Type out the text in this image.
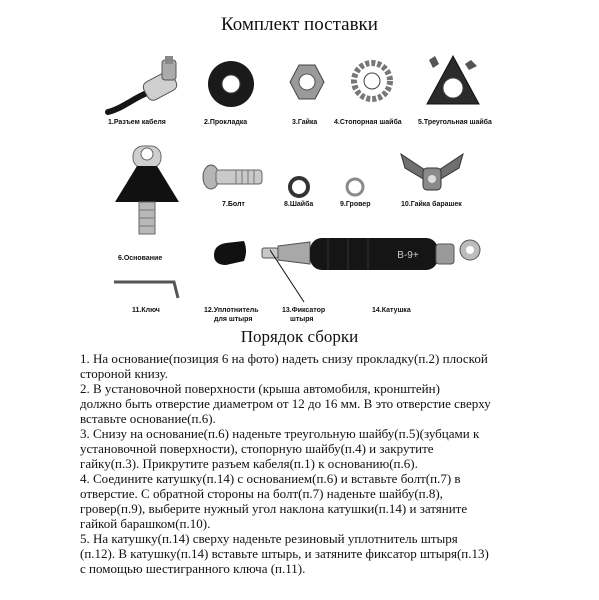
Комплект поставки
1.Разъем кабеля	2.Прокладка	3.Гайка 4.Стопорная шайба 5.Треугольная шайба
6.Основание
7.Болт	8.Шайба	9.Гровер	10.Гайка барашек
11.Ключ	12.Уплотнитель
для штыря
B-9+
13.Фиксатор
штыря
14.Катушка
Порядок сборки
1. На основание(позиция 6 на фото) надеть снизу прокладку(п.2) плоской
стороной книзу.
2. В установочной поверхности (крыша автомобиля, кронштейн)
должно быть отверстие диаметром от 12 до 16 мм. В это отверстие сверху
вставьте основание(п.6).
3. Снизу на основание(п.6) наденьте треугольную шайбу(п.5)(зубцами к
установочной поверхности), стопорную шайбу(п.4) и закрутите
гайку(п.3). Прикрутите разъем кабеля(п.1) к основанию(п.6).
4. Соедините катушку(п.14) с основанием(п.6) и вставьте болт(п.7) в
отверстие. С обратной стороны на болт(п.7) наденьте шайбу(п.8),
гровер(п.9), выберите нужный угол наклона катушки(п.14) и затяните
гайкой барашком(п.10).
5. На катушку(п.14) сверху наденьте резиновый уплотнитель штыря
(п.12). В катушку(п.14) вставьте штырь, и затяните фиксатор штыря(п.13)
с помощью шестигранного ключа (п.11).
